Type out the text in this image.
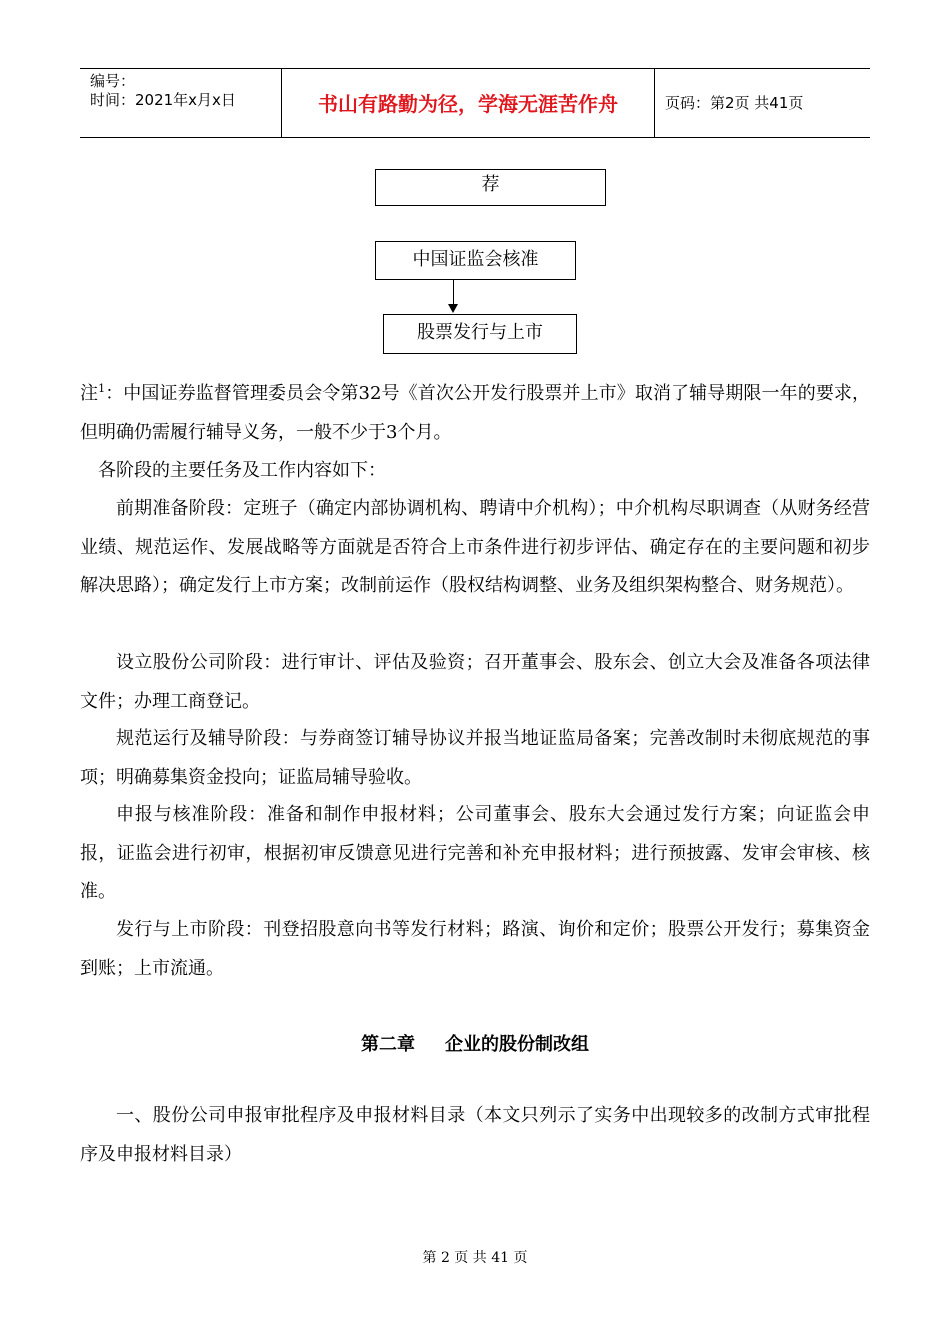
编号：
时间：2021年x月x日	书山有路勤为径，学海无涯苦作舟	页码：第2页 共41页
荐
中国证监会核准
股票发行与上市

注$^1$：中国证券监督管理委员会令第32号《首次公开发行股票并上市》取消了辅导期限一年的要求，但明确仍需履行辅导义务，一般不少于3个月。

各阶段的主要任务及工作内容如下：

前期准备阶段：定班子（确定内部协调机构、聘请中介机构）；中介机构尽职调查（从财务经营业绩、规范运作、发展战略等方面就是否符合上市条件进行初步评估、确定存在的主要问题和初步解决思路）；确定发行上市方案；改制前运作（股权结构调整、业务及组织架构整合、财务规范）。

设立股份公司阶段：进行审计、评估及验资；召开董事会、股东会、创立大会及准备各项法律文件；办理工商登记。

规范运行及辅导阶段：与券商签订辅导协议并报当地证监局备案；完善改制时未彻底规范的事项；明确募集资金投向；证监局辅导验收。

申报与核准阶段：准备和制作申报材料；公司董事会、股东大会通过发行方案；向证监会申报，证监会进行初审，根据初审反馈意见进行完善和补充申报材料；进行预披露、发审会审核、核准。

发行与上市阶段：刊登招股意向书等发行材料；路演、询价和定价；股票公开发行；募集资金到账；上市流通。

第二章 企业的股份制改组

一、股份公司申报审批程序及申报材料目录（本文只列示了实务中出现较多的改制方式审批程序及申报材料目录）

第 2 页 共 41 页
